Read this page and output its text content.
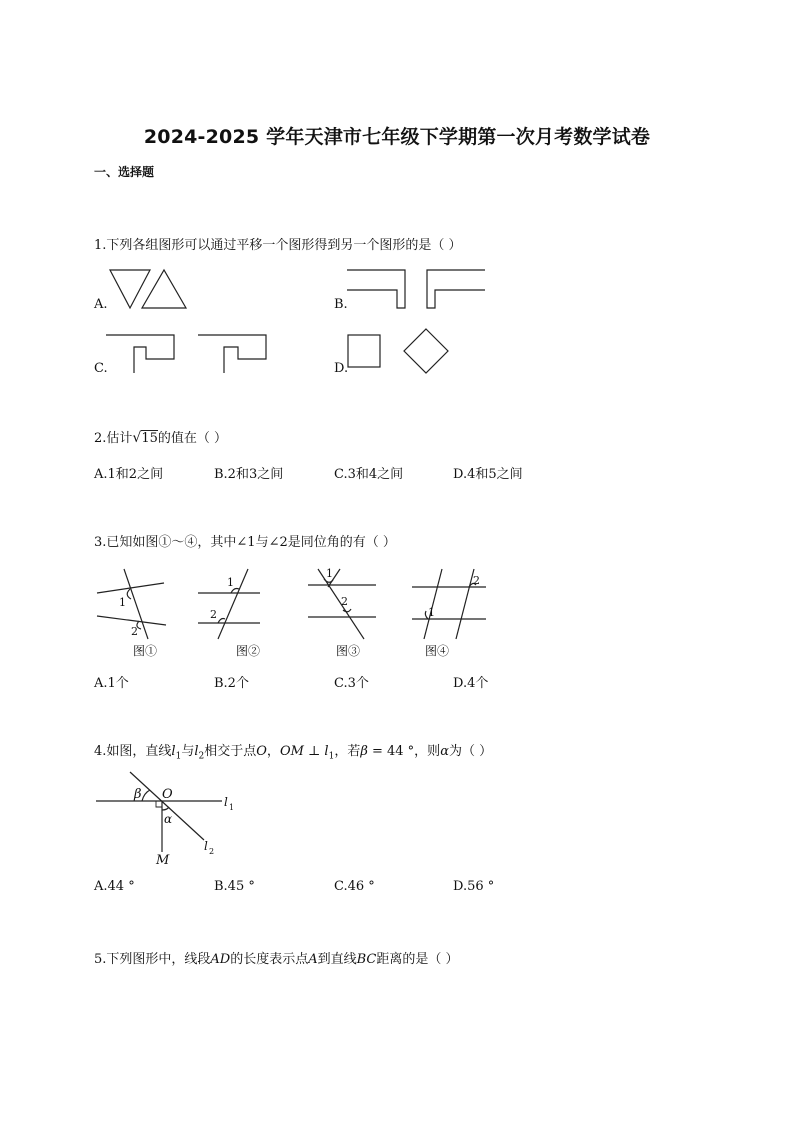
2024-2025 学年天津市七年级下学期第一次月考数学试卷
一、选择题
1.下列各组图形可以通过平移一个图形得到另一个图形的是（ ）
A.	B.
C.	D.
2.估计√15的值在（ ）
A.1和2之间	B.2和3之间	C.3和4之间	D.4和5之间
3.已知如图①～④，其中∠1与∠2是同位角的有（ ）
1
2
图①
1
2
图②
1
2
图③
2
1
图④
A.1个	B.2个	C.3个	D.4个
4.如图，直线$l_1$与$l_2$相交于点O，OM ⊥ $l_1$，若β = 44 °，则α为（ ）
β O
α
M
l 1
l 2
A.44 °	B.45 °	C.46 °	D.56 °
5.下列图形中，线段AD的长度表示点A到直线BC距离的是（ ）
